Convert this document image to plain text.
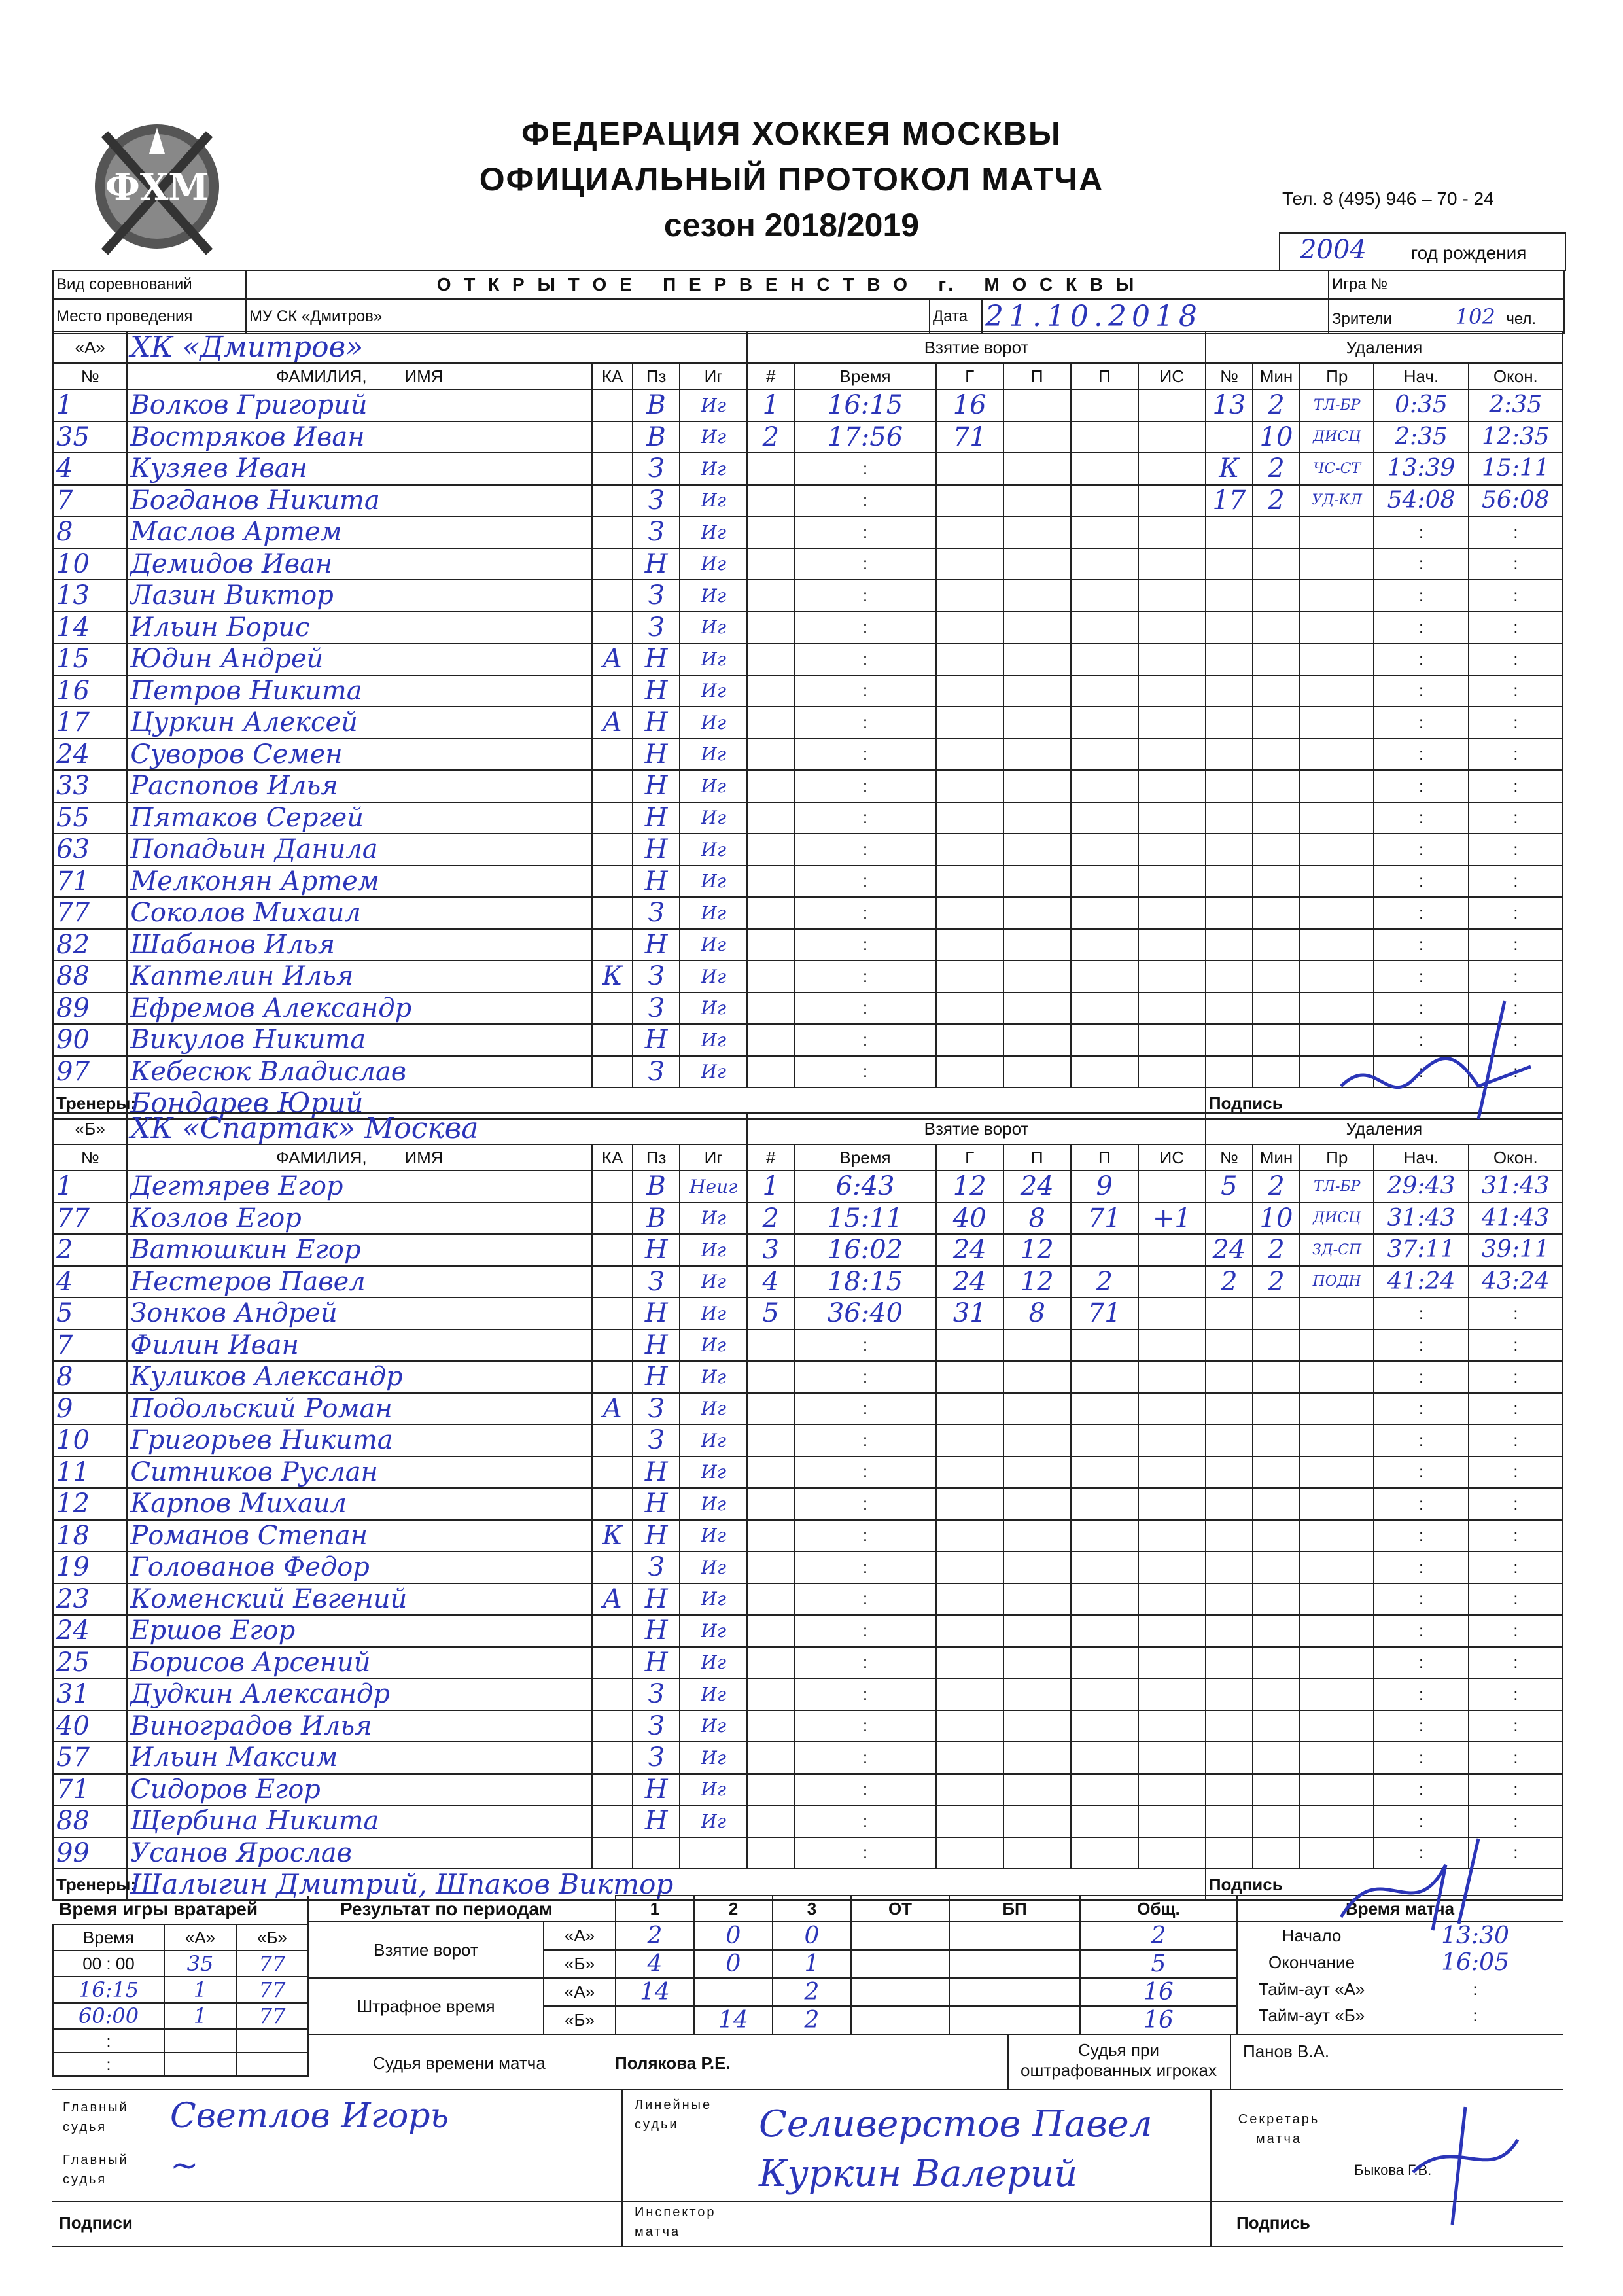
ФХМ
ФЕДЕРАЦИЯ ХОККЕЯ МОСКВЫ
ОФИЦИАЛЬНЫЙ ПРОТОКОЛ МАТЧА
сезон 2018/2019
Тел. 8 (495) 946 – 70 - 24
2004 год рождения
Вид соревнований	О Т К Р Ы Т О Е   П Е Р В Е Н С Т В О   г.   М О С К В Ы			Игра №
Место проведения	МУ СК «Дмитров»	Дата	21.10.2018	Зрители 102 чел.
«А»	ХК «Дмитров»				Взятие ворот						Удаления				
№	ФАМИЛИЯ,        ИМЯ	КА	Пз	Иг	#	Время	Г	П	П	ИС	№	Мин	Пр	Нач.	Окон.
1	Волков Григорий		В	Иг	1	16:15	16				13	2	ТЛ-БР	0:35	2:35
35	Востряков Иван		В	Иг	2	17:56	71					10	ДИСЦ	2:35	12:35
4	Кузяев Иван		З	Иг		:					К	2	ЧС-СТ	13:39	15:11
7	Богданов Никита		З	Иг		:					17	2	УД-КЛ	54:08	56:08
8	Маслов Артем		З	Иг		:								:	:
10	Демидов Иван		Н	Иг		:								:	:
13	Лазин Виктор		З	Иг		:								:	:
14	Ильин Борис		З	Иг		:								:	:
15	Юдин Андрей	А	Н	Иг		:								:	:
16	Петров Никита		Н	Иг		:								:	:
17	Цуркин Алексей	А	Н	Иг		:								:	:
24	Суворов Семен		Н	Иг		:								:	:
33	Распопов Илья		Н	Иг		:								:	:
55	Пятаков Сергей		Н	Иг		:								:	:
63	Попадьин Данила		Н	Иг		:								:	:
71	Мелконян Артем		Н	Иг		:								:	:
77	Соколов Михаил		З	Иг		:								:	:
82	Шабанов Илья		Н	Иг		:								:	:
88	Каптелин Илья	К	З	Иг		:								:	:
89	Ефремов Александр		З	Иг		:								:	:
90	Викулов Никита		Н	Иг		:								:	:
97	Кебесюк Владислав		З	Иг		:								:	:
Тренеры:	Бондарев Юрий										Подпись				
«Б»	ХК «Спартак» Москва				Взятие ворот						Удаления				
№	ФАМИЛИЯ,        ИМЯ	КА	Пз	Иг	#	Время	Г	П	П	ИС	№	Мин	Пр	Нач.	Окон.
1	Дегтярев Егор		В	Неиг	1	6:43	12	24	9		5	2	ТЛ-БР	29:43	31:43
77	Козлов Егор		В	Иг	2	15:11	40	8	71	+1		10	ДИСЦ	31:43	41:43
2	Ватюшкин Егор		Н	Иг	3	16:02	24	12			24	2	ЗД-СП	37:11	39:11
4	Нестеров Павел		З	Иг	4	18:15	24	12	2		2	2	ПОДН	41:24	43:24
5	Зонков Андрей		Н	Иг	5	36:40	31	8	71					:	:
7	Филин Иван		Н	Иг		:								:	:
8	Куликов Александр		Н	Иг		:								:	:
9	Подольский Роман	А	З	Иг		:								:	:
10	Григорьев Никита		З	Иг		:								:	:
11	Ситников Руслан		Н	Иг		:								:	:
12	Карпов Михаил		Н	Иг		:								:	:
18	Романов Степан	К	Н	Иг		:								:	:
19	Голованов Федор		З	Иг		:								:	:
23	Коменский Евгений	А	Н	Иг		:								:	:
24	Ершов Егор		Н	Иг		:								:	:
25	Борисов Арсений		Н	Иг		:								:	:
31	Дудкин Александр		З	Иг		:								:	:
40	Виноградов Илья		З	Иг		:								:	:
57	Ильин Максим		З	Иг		:								:	:
71	Сидоров Егор		Н	Иг		:								:	:
88	Щербина Никита		Н	Иг		:								:	:
99	Усанов Ярослав					:								:	:
Тренеры:	Шалыгин Дмитрий, Шпаков Виктор										Подпись				
Время игры вратарей
Время	«А»	«Б»
00 : 00	35	77
16:15	1	77
60:00	1	77
:		
:		
Результат по периодам
		1	2	3	ОТ	БП	Общ.
Взятие ворот	«А»	2	0	0			2
	«Б»	4	0	1			5
Штрафное время	«А»	14		2			16
	«Б»		14	2			16
Время матча	
Начало	13:30
Окончание	16:05
Тайм-аут «А»	:
Тайм-аут «Б»	:
Судья времени матча	Полякова Р.Е.
Судья при оштрафованных игроках
Панов В.А.
Главный судья	Светлов Игорь
Главный судья	~
Линейные судьи	Селиверстов Павел
Куркин Валерий
Секретарь матча
Быкова Г.В.
Подписи
Инспектор матча	Подпись
